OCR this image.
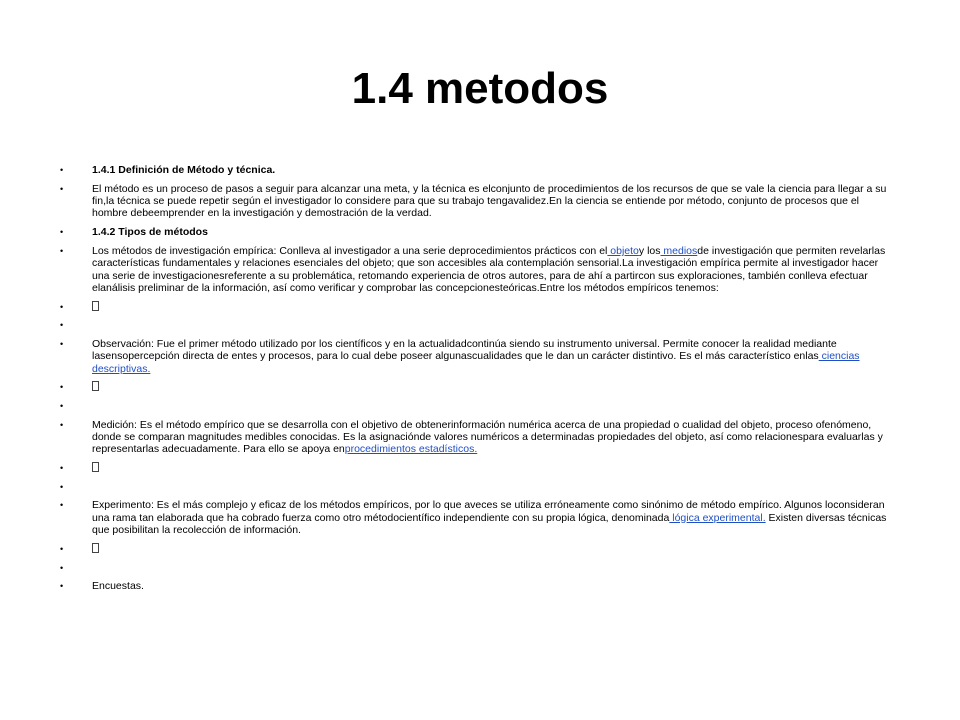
1.4 metodos
•	1.4.1 Definición de Método y técnica.
•	El método es un proceso de pasos a seguir para alcanzar una meta, y la técnica es elconjunto de procedimientos de los recursos de que se vale la ciencia para llegar a su fin,la técnica se puede repetir según el investigador lo considere para que su trabajo tengavalidez.En la ciencia se entiende por método, conjunto de procesos que el hombre debeemprender en la investigación y demostración de la verdad.
•	1.4.2 Tipos de métodos
•	Los métodos de investigación empírica: Conlleva al investigador a una serie deprocedimientos prácticos con el objetoy los mediosde investigación que permiten revelarlas características fundamentales y relaciones esenciales del objeto; que son accesibles ala contemplación sensorial.La investigación empírica permite al investigador hacer una serie de investigacionesreferente a su problemática, retomando experiencia de otros autores, para de ahí a partircon sus exploraciones, también conlleva efectuar elanálisis preliminar de la información, así como verificar y comprobar las concepcionesteóricas.Entre los métodos empíricos tenemos:
•
•
•	Observación: Fue el primer método utilizado por los científicos y en la actualidadcontinúa siendo su instrumento universal. Permite conocer la realidad mediante lasensopercepción directa de entes y procesos, para lo cual debe poseer algunascualidades que le dan un carácter distintivo. Es el más característico enlas ciencias descriptivas.
•
•
•	Medición: Es el método empírico que se desarrolla con el objetivo de obtenerinformación numérica acerca de una propiedad o cualidad del objeto, proceso ofenómeno, donde se comparan magnitudes medibles conocidas. Es la asignaciónde valores numéricos a determinadas propiedades del objeto, así como relacionespara evaluarlas y representarlas adecuadamente. Para ello se apoya enprocedimientos estadísticos.
•
•
•	Experimento: Es el más complejo y eficaz de los métodos empíricos, por lo que aveces se utiliza erróneamente como sinónimo de método empírico. Algunos loconsideran una rama tan elaborada que ha cobrado fuerza como otro métodocientífico independiente con su propia lógica, denominada lógica experimental. Existen diversas técnicas que posibilitan la recolección de información.
•
•
•	Encuestas.
